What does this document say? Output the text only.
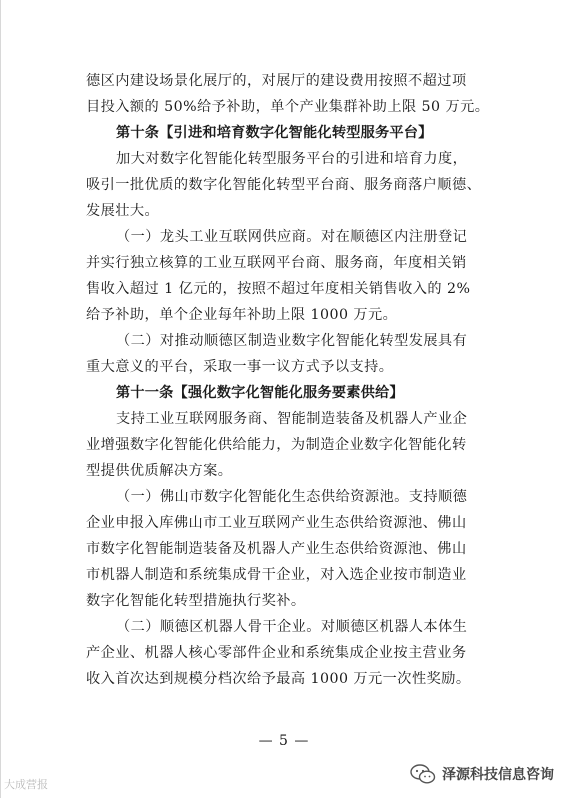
德区内建设场景化展厅的，对展厅的建设费用按照不超过项
目投入额的 50%给予补助，单个产业集群补助上限 50 万元。
第十条【引进和培育数字化智能化转型服务平台】
加大对数字化智能化转型服务平台的引进和培育力度，
吸引一批优质的数字化智能化转型平台商、服务商落户顺德、
发展壮大。
（一）龙头工业互联网供应商。对在顺德区内注册登记
并实行独立核算的工业互联网平台商、服务商，年度相关销
售收入超过 1 亿元的，按照不超过年度相关销售收入的 2%
给予补助，单个企业每年补助上限 1000 万元。
（二）对推动顺德区制造业数字化智能化转型发展具有
重大意义的平台，采取一事一议方式予以支持。
第十一条【强化数字化智能化服务要素供给】
支持工业互联网服务商、智能制造装备及机器人产业企
业增强数字化智能化供给能力，为制造企业数字化智能化转
型提供优质解决方案。
（一）佛山市数字化智能化生态供给资源池。支持顺德
企业申报入库佛山市工业互联网产业生态供给资源池、佛山
市数字化智能制造装备及机器人产业生态供给资源池、佛山
市机器人制造和系统集成骨干企业，对入选企业按市制造业
数字化智能化转型措施执行奖补。
（二）顺德区机器人骨干企业。对顺德区机器人本体生
产企业、机器人核心零部件企业和系统集成企业按主营业务
收入首次达到规模分档次给予最高 1000 万元一次性奖励。
— 5 —
大成营报
泽源科技信息咨询
